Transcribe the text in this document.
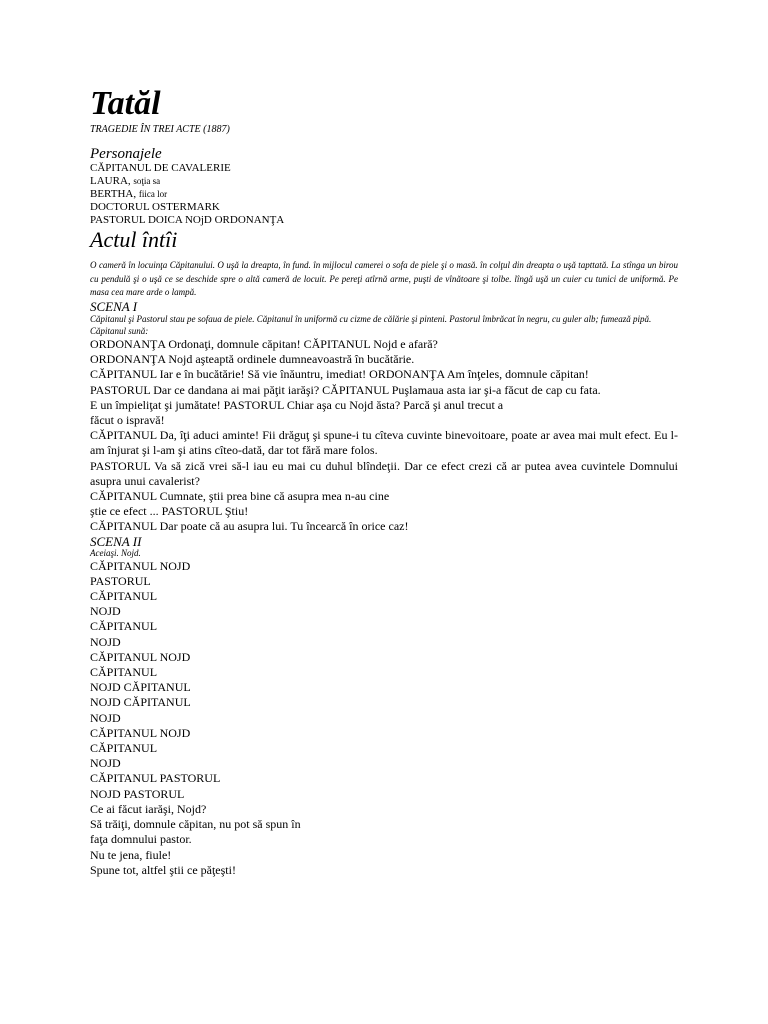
Tatăl
TRAGEDIE ÎN TREI ACTE (1887)
Personajele
CĂPITANUL DE CAVALERIE
LAURA, soţia sa
BERTHA, fiica lor
DOCTORUL OSTERMARK
PASTORUL DOICA NOjD ORDONANŢA
Actul întîi
O cameră în locuinţa Căpitanului. O uşă la dreapta, în fund. în mijlocul camerei o sofa de piele şi o masă. în colţul din dreapta o uşă tapttată. La stînga un birou cu pendulă şi o uşă ce se deschide spre o altă cameră de locuit. Pe pereţi atîrnă arme, puşti de vînătoare şi tolbe. lîngă uşă un cuier cu tunici de uniformă. Pe masa cea mare arde o lampă.
SCENA I
Căpitanul şi Pastorul stau pe sofaua de piele. Căpitanul în uniformă cu cizme de călărie şi pinteni. Pastorul îmbrăcat în negru, cu guler alb; fumează pipă.
Căpitanul sună:
ORDONANŢA Ordonaţi, domnule căpitan! CĂPITANUL Nojd e afară?
ORDONANŢA Nojd aşteaptă ordinele dumneavoastră în bucătărie.
CĂPITANUL Iar e în bucătărie! Să vie înăuntru, imediat! ORDONANŢA Am înţeles, domnule căpitan!
PASTORUL Dar ce dandana ai mai păţit iarăşi? CĂPITANUL Puşlamaua asta iar şi-a făcut de cap cu fata.
E un împieliţat şi jumătate! PASTORUL Chiar aşa cu Nojd ăsta? Parcă şi anul trecut a
făcut o ispravă!
CĂPITANUL Da, îţi aduci aminte! Fii drăguţ şi spune-i tu cîteva cuvinte binevoitoare, poate ar avea mai mult efect. Eu l-am înjurat şi l-am şi atins cîteo-dată, dar tot fără mare folos.
PASTORUL Va să zică vrei să-l iau eu mai cu duhul blîndeţii. Dar ce efect crezi că ar putea avea cuvintele Domnului asupra unui cavalerist?
CĂPITANUL Cumnate, ştii prea bine că asupra mea n-au cine
ştie ce efect ... PASTORUL Ştiu!
CĂPITANUL Dar poate că au asupra lui. Tu încearcă în orice caz!
SCENA II
Aceiaşi. Nojd.
CĂPITANUL NOJD
PASTORUL
CĂPITANUL
NOJD
CĂPITANUL
NOJD
CĂPITANUL NOJD
CĂPITANUL
NOJD CĂPITANUL
NOJD CĂPITANUL
NOJD
CĂPITANUL NOJD
CĂPITANUL
NOJD
CĂPITANUL PASTORUL
NOJD PASTORUL
Ce ai făcut iarăşi, Nojd?
Să trăiţi, domnule căpitan, nu pot să spun în
faţa domnului pastor.
Nu te jena, fiule!
Spune tot, altfel ştii ce păţeşti!
